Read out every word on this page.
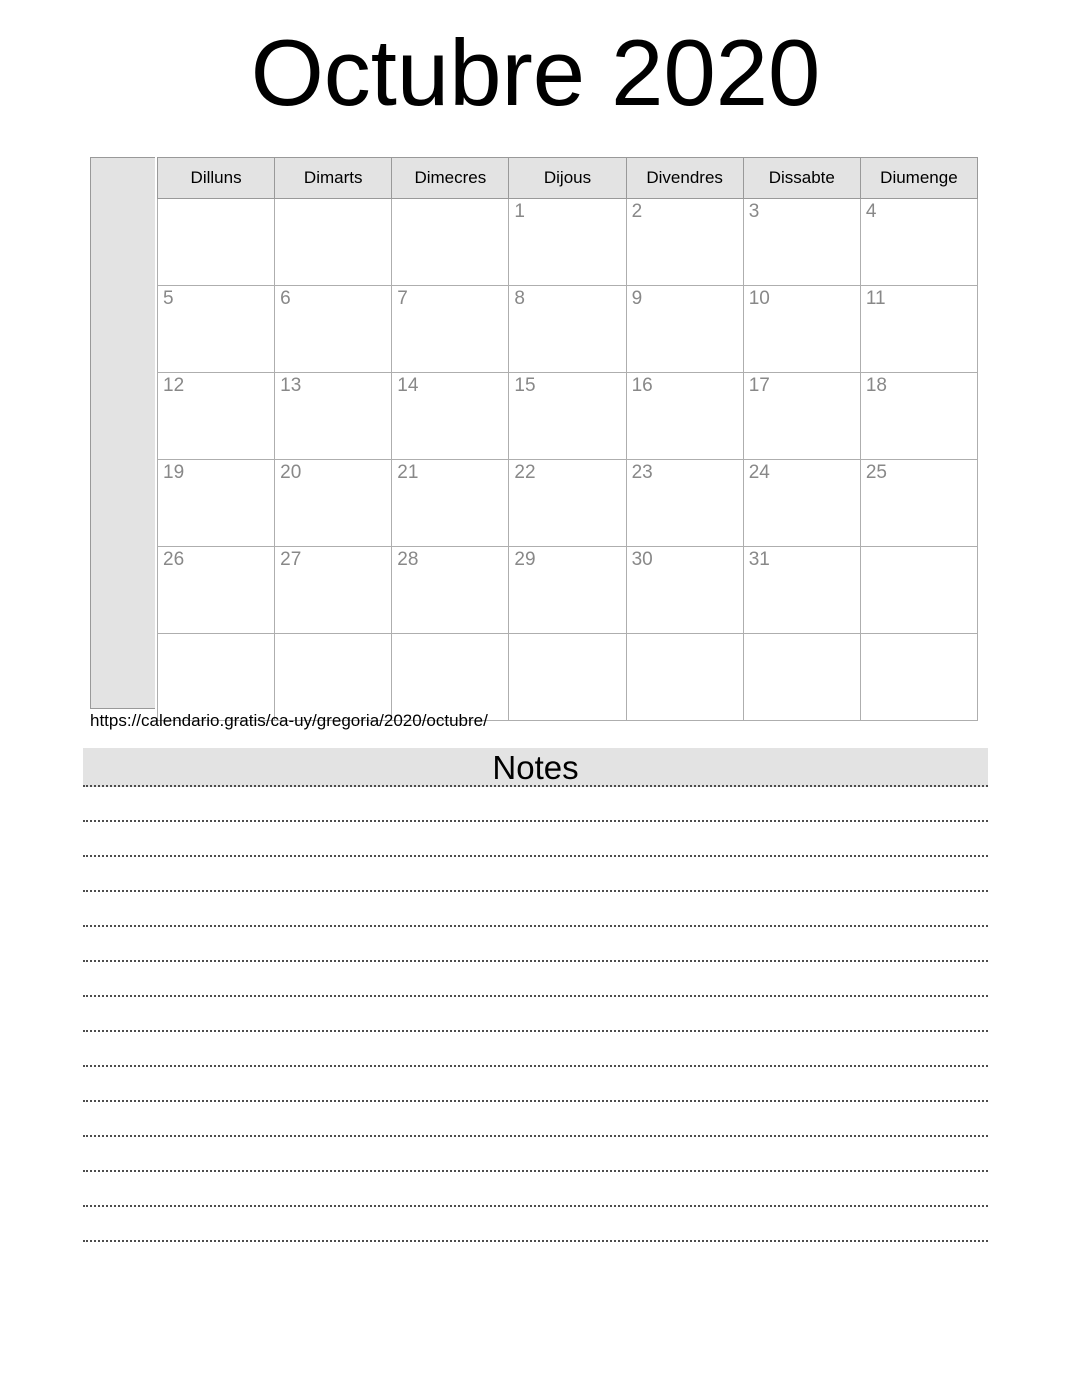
Octubre 2020
Dilluns	Dimarts	Dimecres	Dijous	Divendres	Dissabte	Diumenge
			1	2	3	4
5	6	7	8	9	10	11
12	13	14	15	16	17	18
19	20	21	22	23	24	25
26	27	28	29	30	31	

https://calendario.gratis/ca-uy/gregoria/2020/octubre/
Notes
